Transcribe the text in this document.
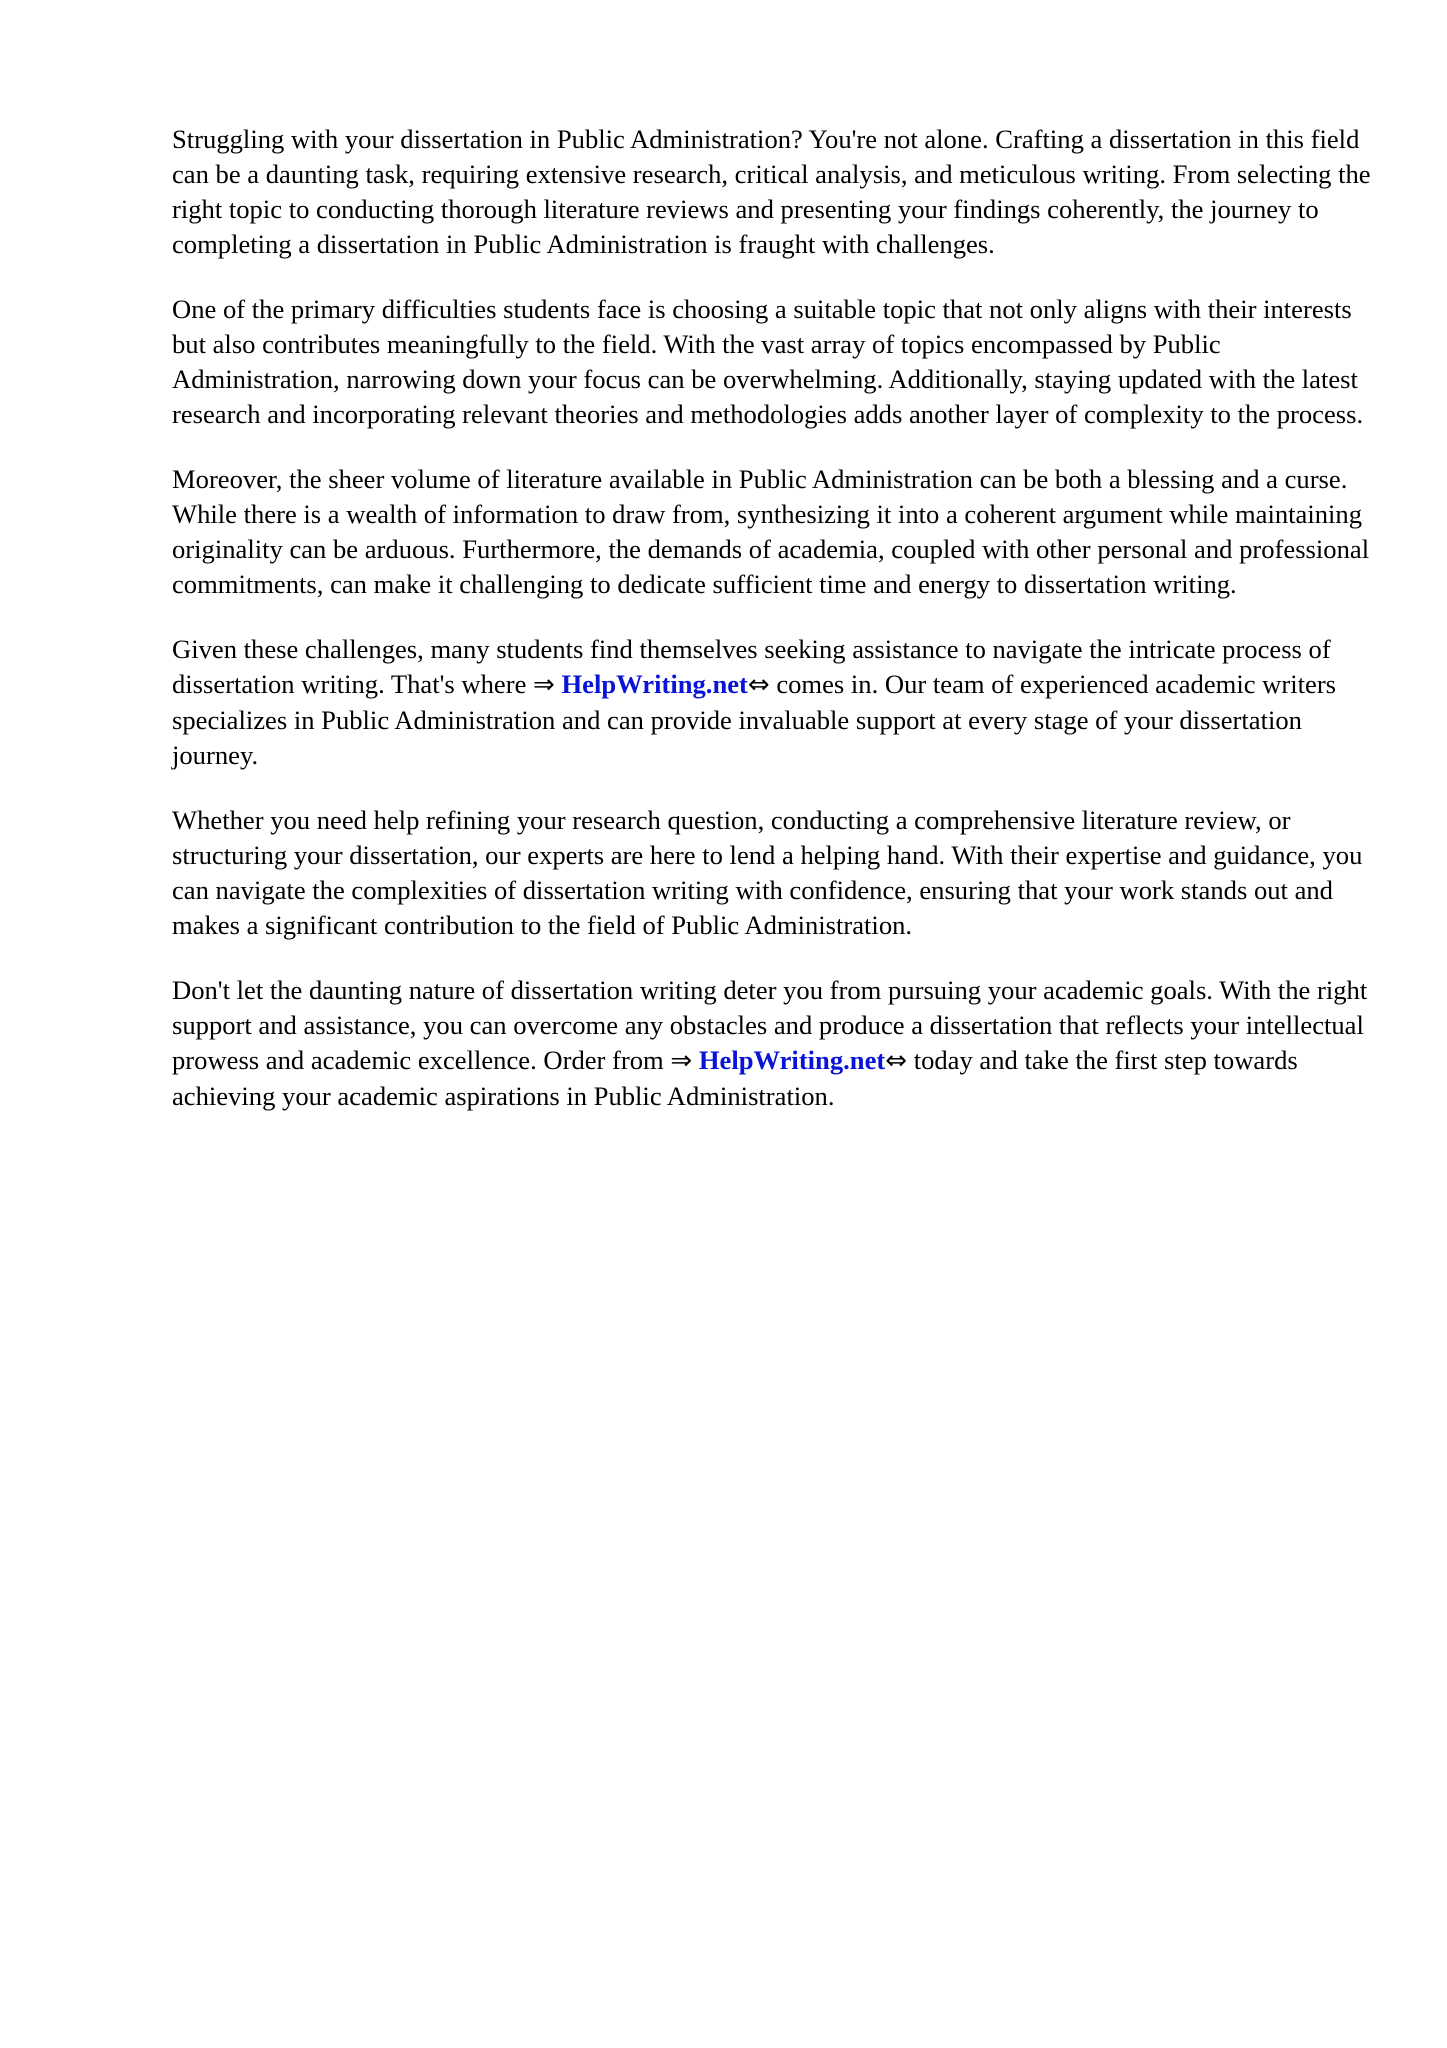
Struggling with your dissertation in Public Administration? You're not alone. Crafting a dissertation in this field can be a daunting task, requiring extensive research, critical analysis, and meticulous writing. From selecting the right topic to conducting thorough literature reviews and presenting your findings coherently, the journey to completing a dissertation in Public Administration is fraught with challenges.

One of the primary difficulties students face is choosing a suitable topic that not only aligns with their interests but also contributes meaningfully to the field. With the vast array of topics encompassed by Public Administration, narrowing down your focus can be overwhelming. Additionally, staying updated with the latest research and incorporating relevant theories and methodologies adds another layer of complexity to the process.

Moreover, the sheer volume of literature available in Public Administration can be both a blessing and a curse. While there is a wealth of information to draw from, synthesizing it into a coherent argument while maintaining originality can be arduous. Furthermore, the demands of academia, coupled with other personal and professional commitments, can make it challenging to dedicate sufficient time and energy to dissertation writing.

Given these challenges, many students find themselves seeking assistance to navigate the intricate process of dissertation writing. That's where ⇒ HelpWriting.net⇔ comes in. Our team of experienced academic writers specializes in Public Administration and can provide invaluable support at every stage of your dissertation journey.

Whether you need help refining your research question, conducting a comprehensive literature review, or structuring your dissertation, our experts are here to lend a helping hand. With their expertise and guidance, you can navigate the complexities of dissertation writing with confidence, ensuring that your work stands out and makes a significant contribution to the field of Public Administration.

Don't let the daunting nature of dissertation writing deter you from pursuing your academic goals. With the right support and assistance, you can overcome any obstacles and produce a dissertation that reflects your intellectual prowess and academic excellence. Order from ⇒ HelpWriting.net⇔ today and take the first step towards achieving your academic aspirations in Public Administration.
